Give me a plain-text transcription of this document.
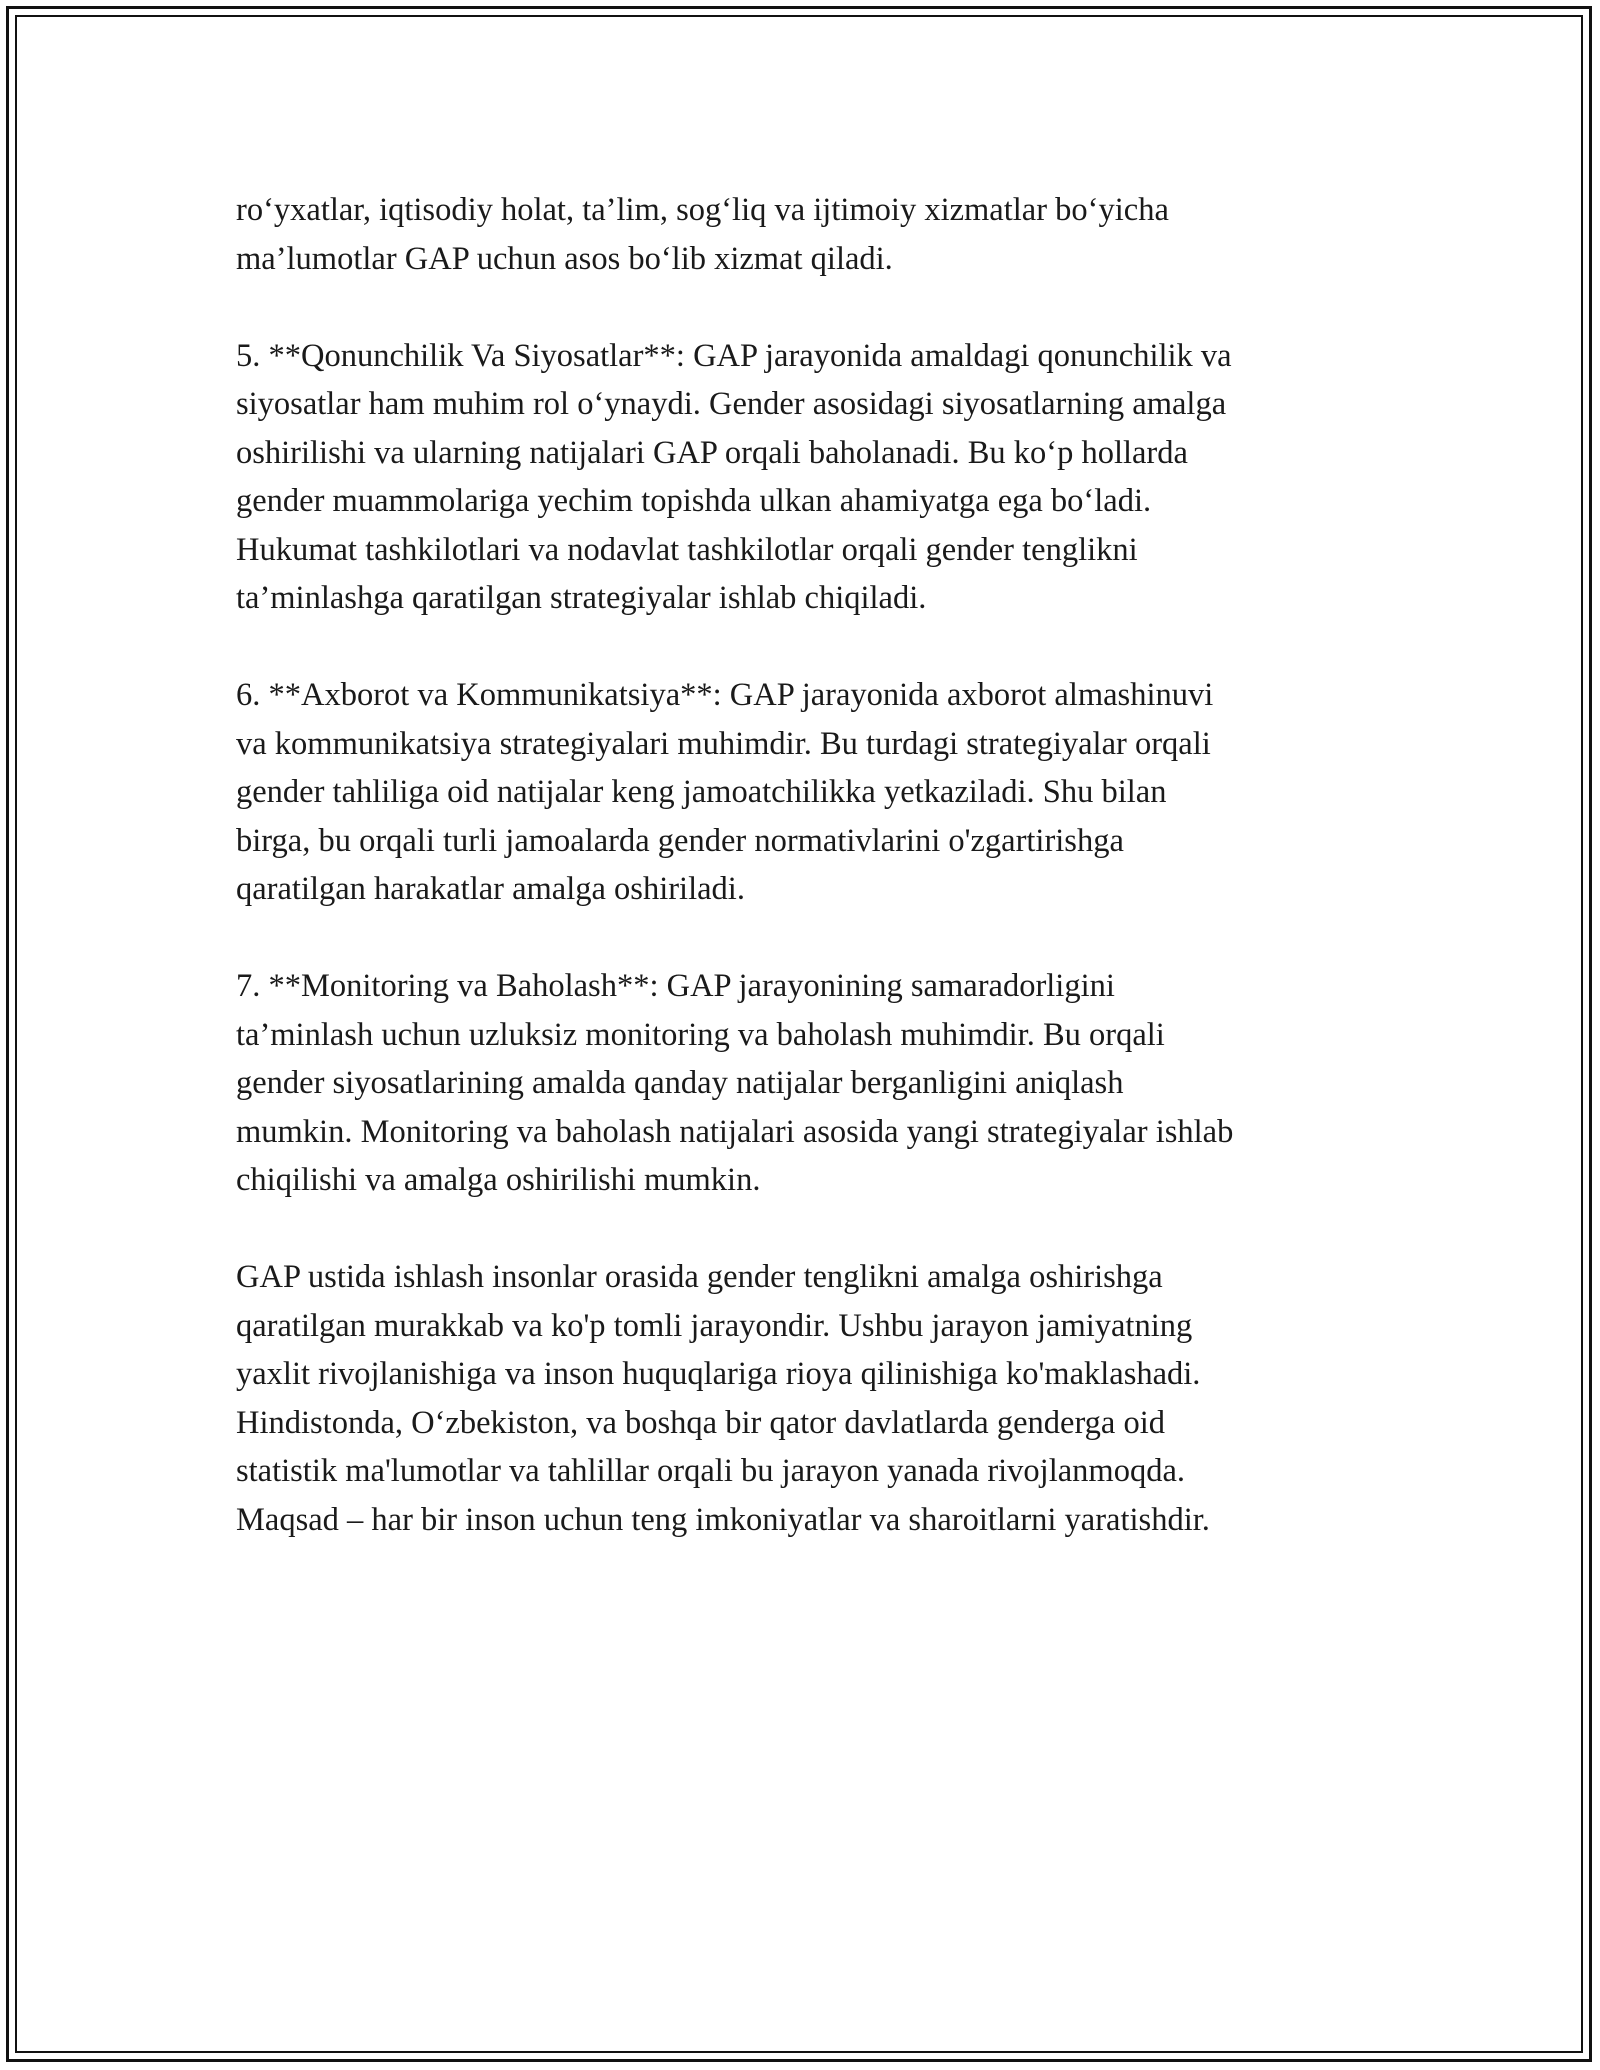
ro‘yxatlar, iqtisodiy holat, ta’lim, sog‘liq va ijtimoiy xizmatlar bo‘yicha
ma’lumotlar GAP uchun asos bo‘lib xizmat qiladi.

5. **Qonunchilik Va Siyosatlar**: GAP jarayonida amaldagi qonunchilik va
siyosatlar ham muhim rol o‘ynaydi. Gender asosidagi siyosatlarning amalga
oshirilishi va ularning natijalari GAP orqali baholanadi. Bu ko‘p hollarda
gender muammolariga yechim topishda ulkan ahamiyatga ega bo‘ladi.
Hukumat tashkilotlari va nodavlat tashkilotlar orqali gender tenglikni
ta’minlashga qaratilgan strategiyalar ishlab chiqiladi.

6. **Axborot va Kommunikatsiya**: GAP jarayonida axborot almashinuvi
va kommunikatsiya strategiyalari muhimdir. Bu turdagi strategiyalar orqali
gender tahliliga oid natijalar keng jamoatchilikka yetkaziladi. Shu bilan
birga, bu orqali turli jamoalarda gender normativlarini o'zgartirishga
qaratilgan harakatlar amalga oshiriladi.

7. **Monitoring va Baholash**: GAP jarayonining samaradorligini
ta’minlash uchun uzluksiz monitoring va baholash muhimdir. Bu orqali
gender siyosatlarining amalda qanday natijalar berganligini aniqlash
mumkin. Monitoring va baholash natijalari asosida yangi strategiyalar ishlab
chiqilishi va amalga oshirilishi mumkin.

GAP ustida ishlash insonlar orasida gender tenglikni amalga oshirishga
qaratilgan murakkab va ko'p tomli jarayondir. Ushbu jarayon jamiyatning
yaxlit rivojlanishiga va inson huquqlariga rioya qilinishiga ko'maklashadi.
Hindistonda, O‘zbekiston, va boshqa bir qator davlatlarda genderga oid
statistik ma'lumotlar va tahlillar orqali bu jarayon yanada rivojlanmoqda.
Maqsad – har bir inson uchun teng imkoniyatlar va sharoitlarni yaratishdir.
